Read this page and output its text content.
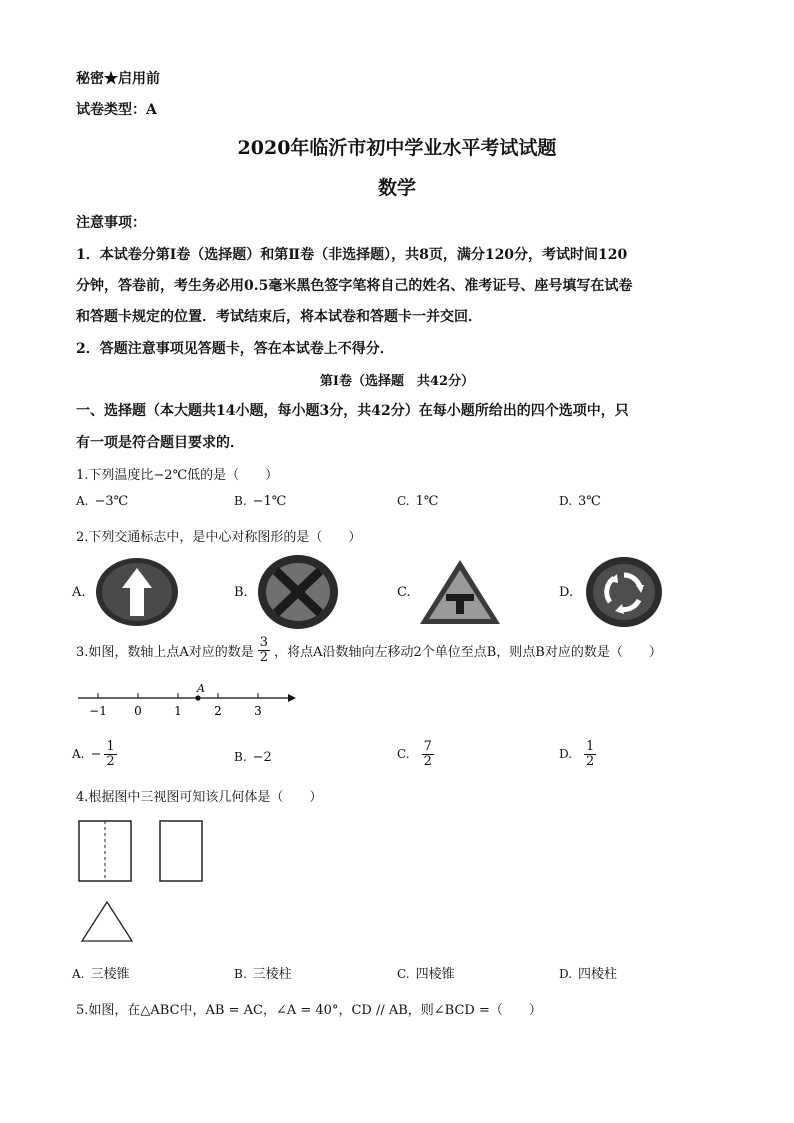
秘密★启用前
试卷类型：A
2020年临沂市初中学业水平考试试题
数学
注意事项：
1．本试卷分第Ⅰ卷（选择题）和第Ⅱ卷（非选择题），共8页，满分120分，考试时间120
分钟，答卷前，考生务必用0.5毫米黑色签字笔将自己的姓名、准考证号、座号填写在试卷
和答题卡规定的位置．考试结束后，将本试卷和答题卡一并交回．
2．答题注意事项见答题卡，答在本试卷上不得分．
第Ⅰ卷（选择题　共42分）
一、选择题（本大题共14小题，每小题3分，共42分）在每小题所给出的四个选项中，只
有一项是符合题目要求的．
1.下列温度比−2℃低的是（　　）
A. −3℃	B. −1℃	C. 1℃	D. 3℃
2.下列交通标志中，是中心对称图形的是（　　）
A.	B.	C.	D.
3.如图，数轴上点A对应的数是 $\frac{3}{2}$ ，将点A沿数轴向左移动2个单位至点B，则点B对应的数是（　　）
−1 0	1	2	3
A
A. − $\frac{1}{2}$	B. −2	C. $\frac{7}{2}$	D. $\frac{1}{2}$
4.根据图中三视图可知该几何体是（　　）
A. 三棱锥	B. 三棱柱	C. 四棱锥	D. 四棱柱
5.如图，在△ABC中，AB = AC，∠A = 40°，CD // AB，则∠BCD =（　　）
